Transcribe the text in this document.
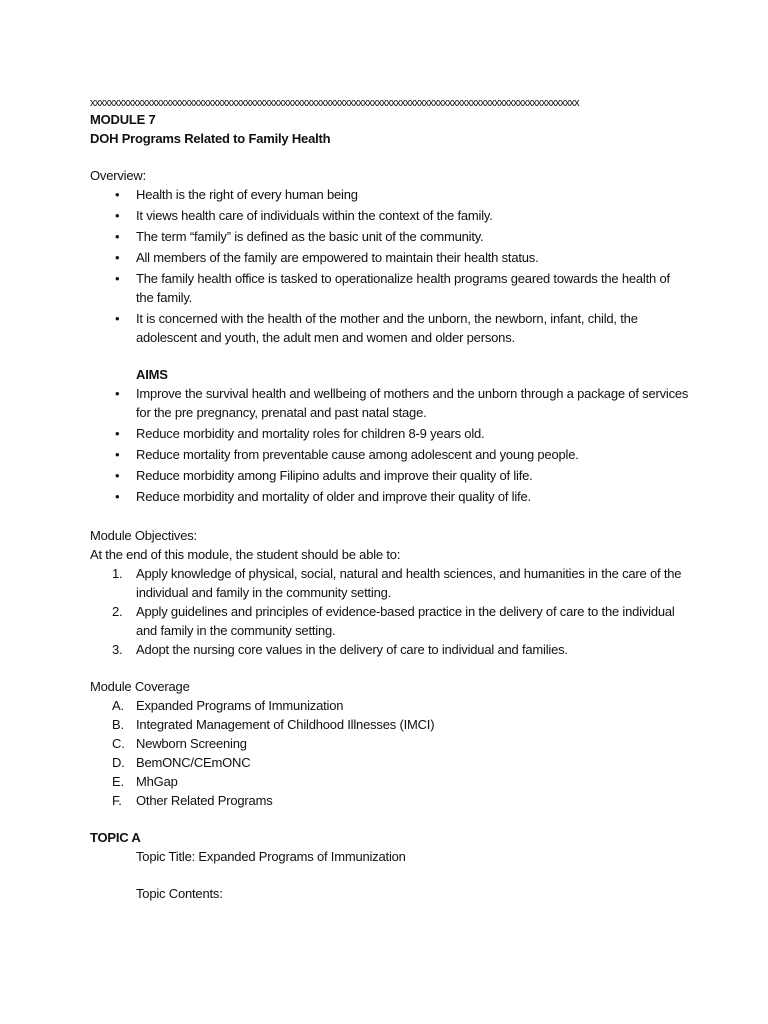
xxxxxxxxxxxxxxxxxxxxxxxxxxxxxxxxxxxxxxxxxxxxxxxxxxxxxxxxxxxxxxxxxxxxxxxxxxxxxxxxxxxxxxxxxxxxxxxxxxxxxxxx
MODULE 7
DOH Programs Related to Family Health
Overview:
• Health is the right of every human being
• It views health care of individuals within the context of the family.
• The term “family” is defined as the basic unit of the community.
• All members of the family are empowered to maintain their health status.
• The family health office is tasked to operationalize health programs geared towards the health of the family.
• It is concerned with the health of the mother and the unborn, the newborn, infant, child, the adolescent and youth, the adult men and women and older persons.
AIMS
• Improve the survival health and wellbeing of mothers and the unborn through a package of services for the pre pregnancy, prenatal and past natal stage.
• Reduce morbidity and mortality roles for children 8-9 years old.
• Reduce mortality from preventable cause among adolescent and young people.
• Reduce morbidity among Filipino adults and improve their quality of life.
• Reduce morbidity and mortality of older and improve their quality of life.
Module Objectives:
At the end of this module, the student should be able to:
1. Apply knowledge of physical, social, natural and health sciences, and humanities in the care of the individual and family in the community setting.
2. Apply guidelines and principles of evidence-based practice in the delivery of care to the individual and family in the community setting.
3. Adopt the nursing core values in the delivery of care to individual and families.
Module Coverage
A. Expanded Programs of Immunization
B. Integrated Management of Childhood Illnesses (IMCI)
C. Newborn Screening
D. BemONC/CEmONC
E. MhGap
F. Other Related Programs
TOPIC A
Topic Title: Expanded Programs of Immunization
Topic Contents:
